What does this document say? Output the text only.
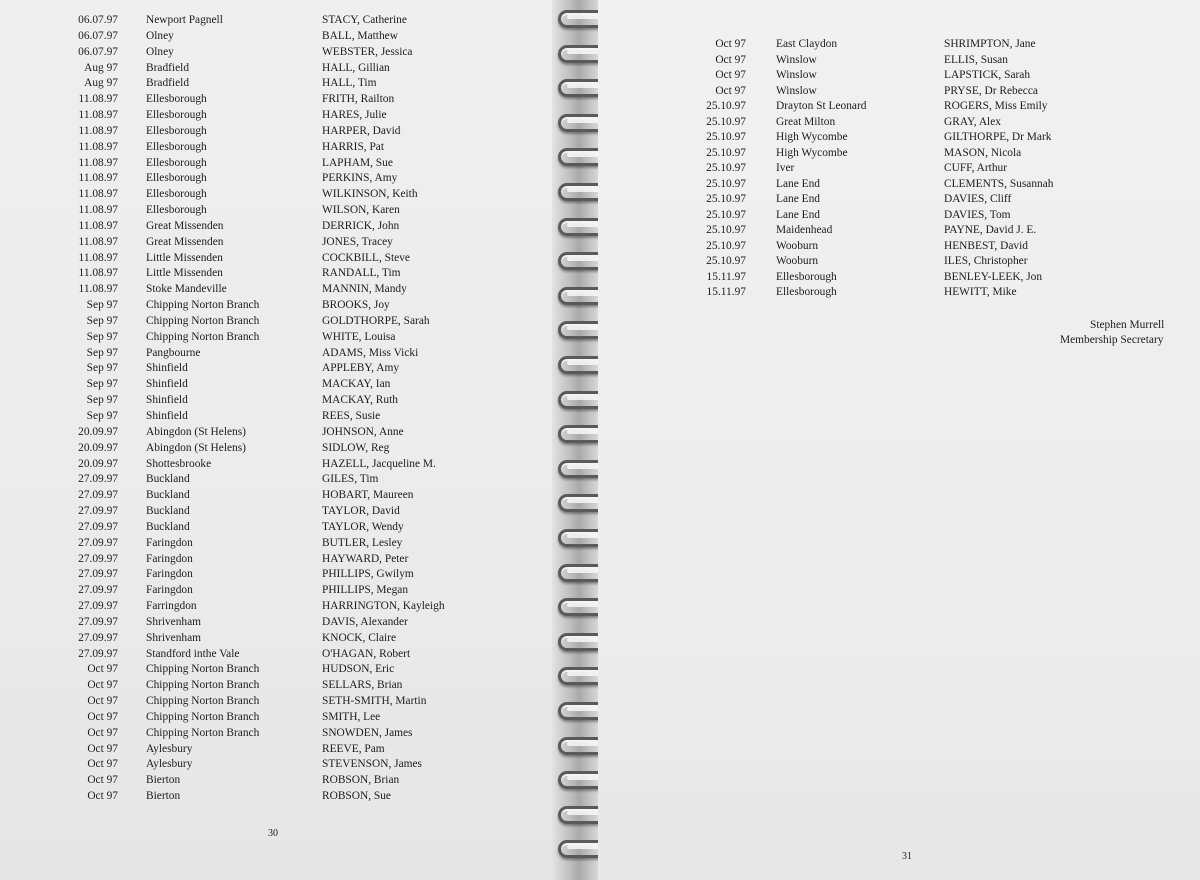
06.07.97 Newport Pagnell	STACY, Catherine
06.07.97 Olney	BALL, Matthew
06.07.97 Olney	WEBSTER, Jessica
Aug 97 Bradfield	HALL, Gillian
Aug 97 Bradfield	HALL, Tim
11.08.97 Ellesborough	FRITH, Railton
11.08.97 Ellesborough	HARES, Julie
11.08.97 Ellesborough	HARPER, David
11.08.97 Ellesborough	HARRIS, Pat
11.08.97 Ellesborough	LAPHAM, Sue
11.08.97 Ellesborough	PERKINS, Amy
11.08.97 Ellesborough	WILKINSON, Keith
11.08.97 Ellesborough	WILSON, Karen
11.08.97 Great Missenden	DERRICK, John
11.08.97 Great Missenden	JONES, Tracey
11.08.97 Little Missenden	COCKBILL, Steve
11.08.97 Little Missenden	RANDALL, Tim
11.08.97 Stoke Mandeville	MANNIN, Mandy
Sep 97 Chipping Norton Branch	BROOKS, Joy
Sep 97 Chipping Norton Branch	GOLDTHORPE, Sarah
Sep 97 Chipping Norton Branch	WHITE, Louisa
Sep 97 Pangbourne	ADAMS, Miss Vicki
Sep 97 Shinfield	APPLEBY, Amy
Sep 97 Shinfield	MACKAY, Ian
Sep 97 Shinfield	MACKAY, Ruth
Sep 97 Shinfield	REES, Susie
20.09.97 Abingdon (St Helens)	JOHNSON, Anne
20.09.97 Abingdon (St Helens)	SIDLOW, Reg
20.09.97 Shottesbrooke	HAZELL, Jacqueline M.
27.09.97 Buckland	GILES, Tim
27.09.97 Buckland	HOBART, Maureen
27.09.97 Buckland	TAYLOR, David
27.09.97 Buckland	TAYLOR, Wendy
27.09.97 Faringdon	BUTLER, Lesley
27.09.97 Faringdon	HAYWARD, Peter
27.09.97 Faringdon	PHILLIPS, Gwilym
27.09.97 Faringdon	PHILLIPS, Megan
27.09.97 Farringdon	HARRINGTON, Kayleigh
27.09.97 Shrivenham	DAVIS, Alexander
27.09.97 Shrivenham	KNOCK, Claire
27.09.97 Standford inthe Vale	O'HAGAN, Robert
Oct 97 Chipping Norton Branch	HUDSON, Eric
Oct 97 Chipping Norton Branch	SELLARS, Brian
Oct 97 Chipping Norton Branch	SETH-SMITH, Martin
Oct 97 Chipping Norton Branch	SMITH, Lee
Oct 97 Chipping Norton Branch	SNOWDEN, James
Oct 97 Aylesbury	REEVE, Pam
Oct 97 Aylesbury	STEVENSON, James
Oct 97 Bierton	ROBSON, Brian
Oct 97 Bierton	ROBSON, Sue
30
Oct 97	East Claydon	SHRIMPTON, Jane
Oct 97	Winslow	ELLIS, Susan
Oct 97	Winslow	LAPSTICK, Sarah
Oct 97	Winslow	PRYSE, Dr Rebecca
25.10.97	Drayton St Leonard	ROGERS, Miss Emily
25.10.97	Great Milton	GRAY, Alex
25.10.97	High Wycombe	GILTHORPE, Dr Mark
25.10.97	High Wycombe	MASON, Nicola
25.10.97	Iver	CUFF, Arthur
25.10.97	Lane End	CLEMENTS, Susannah
25.10.97	Lane End	DAVIES, Cliff
25.10.97	Lane End	DAVIES, Tom
25.10.97	Maidenhead	PAYNE, David J. E.
25.10.97	Wooburn	HENBEST, David
25.10.97	Wooburn	ILES, Christopher
15.11.97	Ellesborough	BENLEY-LEEK, Jon
15.11.97	Ellesborough	HEWITT, Mike
Stephen Murrell
Membership Secretary
31
